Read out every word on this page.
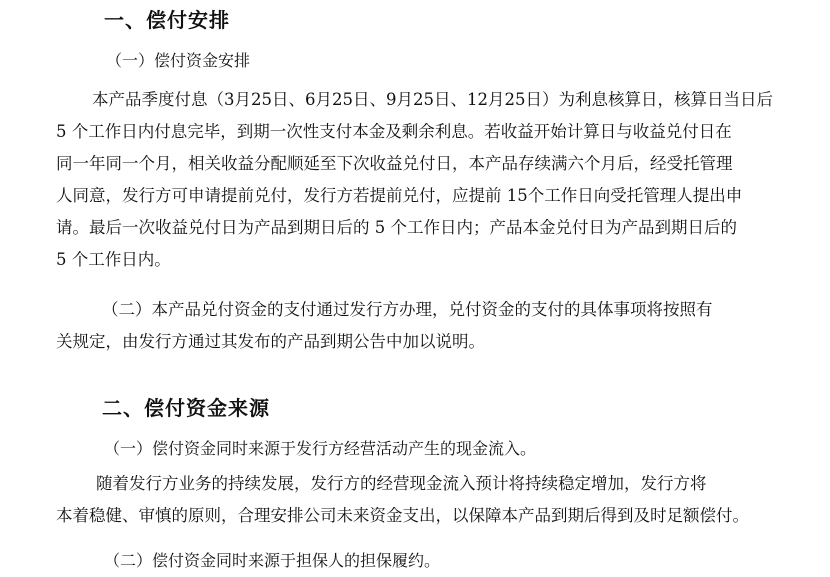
一、偿付安排
（一）偿付资金安排
本产品季度付息（3月25日、6月25日、9月25日、12月25日）为利息核算日，核算日当日后
5 个工作日内付息完毕，到期一次性支付本金及剩余利息。若收益开始计算日与收益兑付日在
同一年同一个月，相关收益分配顺延至下次收益兑付日，本产品存续满六个月后，经受托管理
人同意，发行方可申请提前兑付，发行方若提前兑付，应提前 15个工作日向受托管理人提出申
请。最后一次收益兑付日为产品到期日后的 5 个工作日内；产品本金兑付日为产品到期日后的
5 个工作日内。
（二）本产品兑付资金的支付通过发行方办理，兑付资金的支付的具体事项将按照有
关规定，由发行方通过其发布的产品到期公告中加以说明。
二、偿付资金来源
（一）偿付资金同时来源于发行方经营活动产生的现金流入。
随着发行方业务的持续发展，发行方的经营现金流入预计将持续稳定增加，发行方将
本着稳健、审慎的原则，合理安排公司未来资金支出，以保障本产品到期后得到及时足额偿付。
（二）偿付资金同时来源于担保人的担保履约。
